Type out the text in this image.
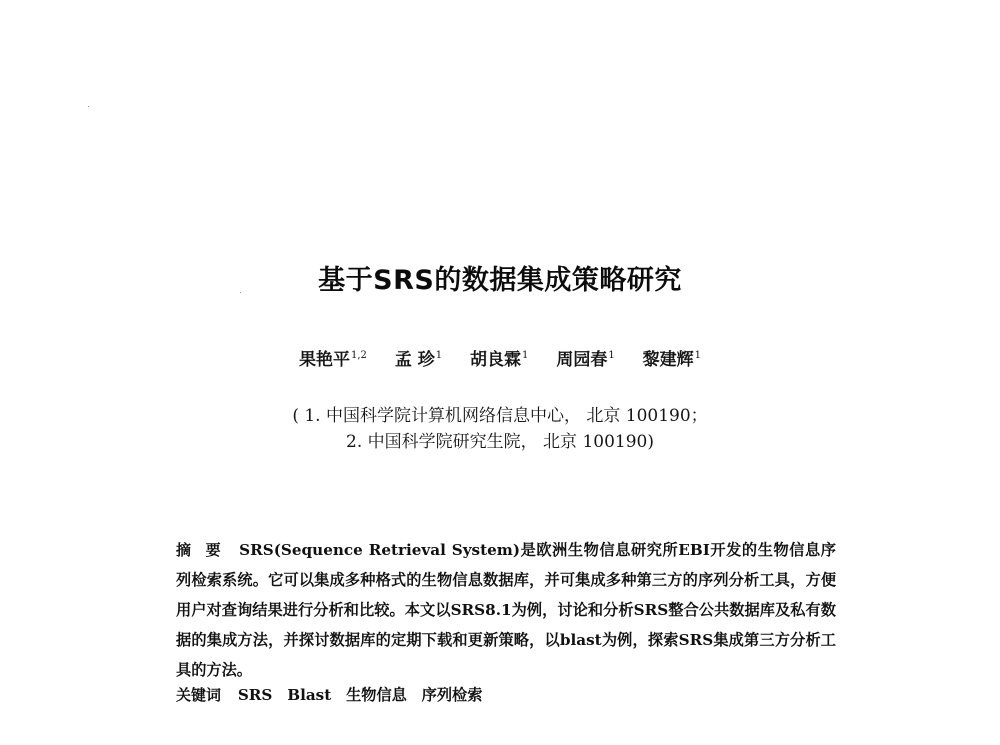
基于SRS的数据集成策略研究
果艳平$^{1,2}$ 孟 珍$^1$ 胡良霖$^1$ 周园春$^1$ 黎建辉$^1$
( 1. 中国科学院计算机网络信息中心， 北京 100190；
2. 中国科学院研究生院， 北京 100190)
摘要 SRS(Sequence Retrieval System)是欧洲生物信息研究所EBI开发的生物信息序列检索系统。它可以集成多种格式的生物信息数据库，并可集成多种第三方的序列分析工具，方便用户对查询结果进行分析和比较。本文以SRS8.1为例，讨论和分析SRS整合公共数据库及私有数据的集成方法，并探讨数据库的定期下载和更新策略，以blast为例，探索SRS集成第三方分析工具的方法。
关键词 SRS Blast 生物信息 序列检索
